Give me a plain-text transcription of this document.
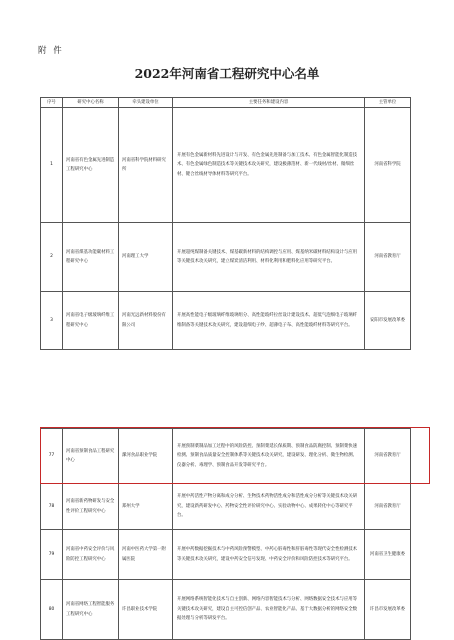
附 件
2022年河南省工程研究中心名单
序号	研究中心名称	牵头建设单位	主要任务和建设内容	主管单位
1	河南省有色金属先进制造工程研究中心	河南省科学院材料研究所	开展有色金属新材料先进设计与开发、有色金属先进制备与加工技术、有色金属智能化制造技术、有色金属绿色制造技术等关键技术攻关研究，建设极薄箔材、新一代线材/丝材、微细丝材、键合丝线材导体材料等研究平台。	河南省科学院
2	河南省煤基功能碳材料工程研究中心	河南理工大学	开展超纯煤制备关键技术、煤基碳新材料的结构调控与应用、煤基纳米碳材料结构设计与应用等关键技术攻关研究，建立煤炭清洁利用、材料化利用和肥料化应用等研究平台。	河南省教育厅
3	河南省电子级玻璃纤维工程研究中心	河南光远新材料股份有限公司	开展高性能电子级玻璃纤维玻璃组分、高性能玻纤拉丝设计建设技术、超低气泡细电子玻璃纤维制备等关键技术攻关研究，建设超细电子纱、超薄电子布、高性能玻纤材料等研究平台。	安阳市发展改革委
77	河南省预制食品工程研究中心	漯河食品职业学院	开展预制菜制品加工过程中的风险防控、预制菜延长保质期、预制食品防腐控制、预制菜快速检测、预制食品质量安全控制体系等关键技术攻关研究，建设研发、理化分析、微生物检测、仪器分析、毒理学、预制食品开发等研究平台。	河南省教育厅
78	河南省新药物研发与安全性评价工程研究中心	郑州大学	开展中药活性产物分离和成分分析、生物技术药物活性成分和活性成分分析等关键技术攻关研究，建设新药研发中心、药物安全性评价研究中心、实验动物中心、成果转化中心等研究平台。	河南省教育厅
79	河南省中药安全评价与风险防控工程研究中心	河南中医药大学第一附属医院	开展中药数据挖掘技术与中药风险预警模型、中药心脏毒性和肝脏毒性等现代安全性检测技术等关键技术攻关研究，建设中药安全信号发现、中药安全评价和风险防控技术等研究平台。	河南省卫生健康委
80	河南省网络工程智能服务工程研究中心	许昌职业技术学院	开展网络系统智能化技术与自主创新、网络内容智能技术与分析、网络数据安全技术与应用等关键技术攻关研究，建设自主可控信创产品、农业智能化产品、基于大数据分析的网络安全数据处理与分析等研发平台。	许昌市发展改革委
